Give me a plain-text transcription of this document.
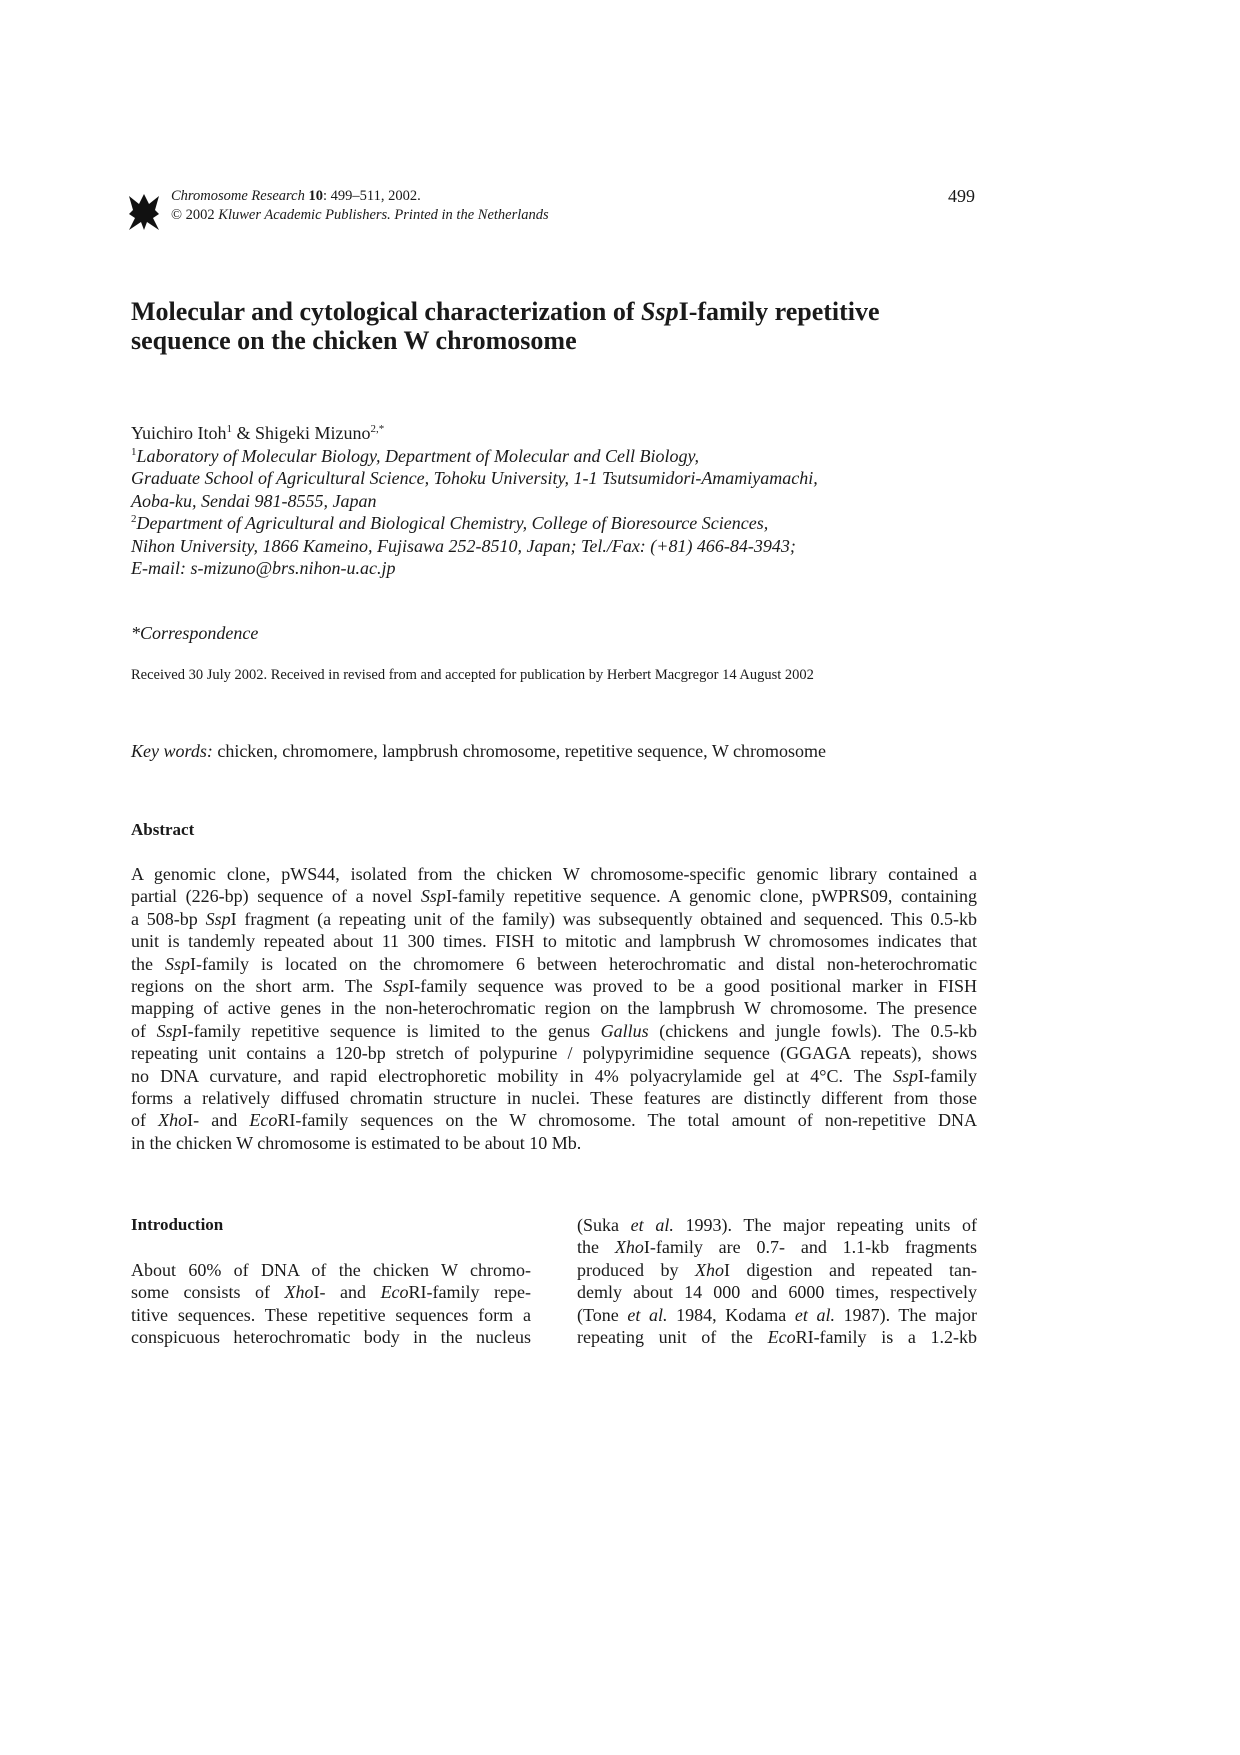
Chromosome Research 10: 499–511, 2002.
© 2002 Kluwer Academic Publishers. Printed in the Netherlands
499
Molecular and cytological characterization of SspI-family repetitive
sequence on the chicken W chromosome
Yuichiro Itoh$^1$ & Shigeki Mizuno$^{2,*}$
$^1$Laboratory of Molecular Biology, Department of Molecular and Cell Biology,
Graduate School of Agricultural Science, Tohoku University, 1-1 Tsutsumidori-Amamiyamachi,
Aoba-ku, Sendai 981-8555, Japan
$^2$Department of Agricultural and Biological Chemistry, College of Bioresource Sciences,
Nihon University, 1866 Kameino, Fujisawa 252-8510, Japan; Tel./Fax: (+81) 466-84-3943;
E-mail: s-mizuno@brs.nihon-u.ac.jp
*Correspondence
Received 30 July 2002. Received in revised from and accepted for publication by Herbert Macgregor 14 August 2002
Key words: chicken, chromomere, lampbrush chromosome, repetitive sequence, W chromosome
Abstract
A genomic clone, pWS44, isolated from the chicken W chromosome-specific genomic library contained a
partial (226-bp) sequence of a novel SspI-family repetitive sequence. A genomic clone, pWPRS09, containing
a 508-bp SspI fragment (a repeating unit of the family) was subsequently obtained and sequenced. This 0.5-kb
unit is tandemly repeated about 11 300 times. FISH to mitotic and lampbrush W chromosomes indicates that
the SspI-family is located on the chromomere 6 between heterochromatic and distal non-heterochromatic
regions on the short arm. The SspI-family sequence was proved to be a good positional marker in FISH
mapping of active genes in the non-heterochromatic region on the lampbrush W chromosome. The presence
of SspI-family repetitive sequence is limited to the genus Gallus (chickens and jungle fowls). The 0.5-kb
repeating unit contains a 120-bp stretch of polypurine / polypyrimidine sequence (GGAGA repeats), shows
no DNA curvature, and rapid electrophoretic mobility in 4% polyacrylamide gel at 4°C. The SspI-family
forms a relatively diffused chromatin structure in nuclei. These features are distinctly different from those
of XhoI- and EcoRI-family sequences on the W chromosome. The total amount of non-repetitive DNA
in the chicken W chromosome is estimated to be about 10 Mb.
Introduction
About 60% of DNA of the chicken W chromo-
some consists of XhoI- and EcoRI-family repe-
titive sequences. These repetitive sequences form a
conspicuous heterochromatic body in the nucleus
(Suka et al. 1993). The major repeating units of
the XhoI-family are 0.7- and 1.1-kb fragments
produced by XhoI digestion and repeated tan-
demly about 14 000 and 6000 times, respectively
(Tone et al. 1984, Kodama et al. 1987). The major
repeating unit of the EcoRI-family is a 1.2-kb
